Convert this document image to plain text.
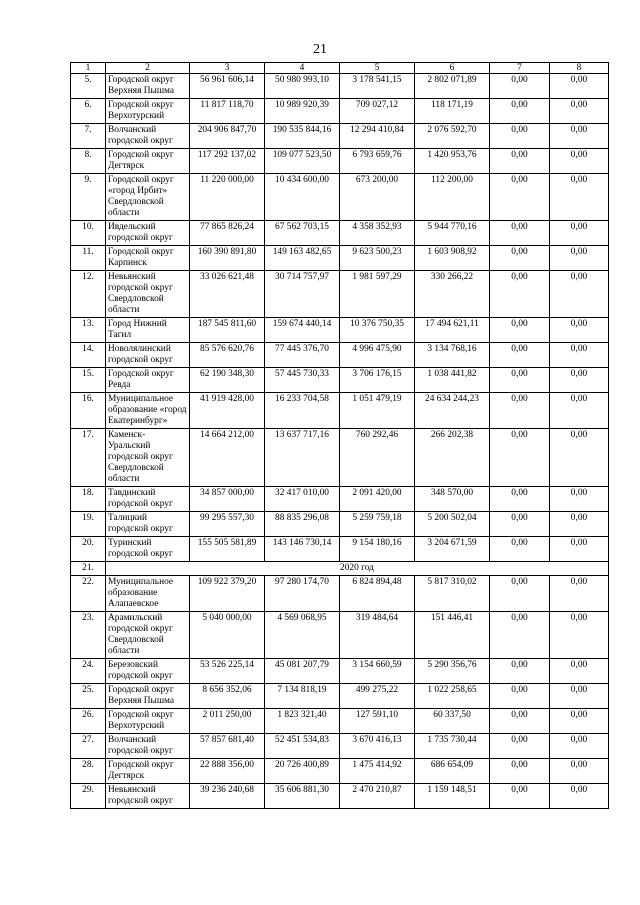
21
1	2	3	4	5	6	7	8
5.	Городской округ Верхняя Пышма	56 961 606,14	50 980 993,10	3 178 541,15	2 802 071,89	0,00	0,00
6.	Городской округ Верхотурский	11 817 118,70	10 989 920,39	709 027,12	118 171,19	0,00	0,00
7.	Волчанский городской округ	204 906 847,70	190 535 844,16	12 294 410,84	2 076 592,70	0,00	0,00
8.	Городской округ Дегтярск	117 292 137,02	109 077 523,50	6 793 659,76	1 420 953,76	0,00	0,00
9.	Городской округ «город Ирбит» Свердловской области	11 220 000,00	10 434 600,00	673 200,00	112 200,00	0,00	0,00
10.	Ивдельский городской округ	77 865 826,24	67 562 703,15	4 358 352,93	5 944 770,16	0,00	0,00
11.	Городской округ Карпинск	160 390 891,80	149 163 482,65	9 623 500,23	1 603 908,92	0,00	0,00
12.	Невьянский городской округ Свердловской области	33 026 621,48	30 714 757,97	1 981 597,29	330 266,22	0,00	0,00
13.	Город Нижний Тагил	187 545 811,60	159 674 440,14	10 376 750,35	17 494 621,11	0,00	0,00
14.	Новолялинский городской округ	85 576 620,76	77 445 376,70	4 996 475,90	3 134 768,16	0,00	0,00
15.	Городской округ Ревда	62 190 348,30	57 445 730,33	3 706 176,15	1 038 441,82	0,00	0,00
16.	Муниципальное образование «город Екатеринбург»	41 919 428,00	16 233 704,58	1 051 479,19	24 634 244,23	0,00	0,00
17.	Каменск-Уральский городской округ Свердловской области	14 664 212,00	13 637 717,16	760 292,46	266 202,38	0,00	0,00
18.	Тавдинский городской округ	34 857 000,00	32 417 010,00	2 091 420,00	348 570,00	0,00	0,00
19.	Талицкий городской округ	99 295 557,30	88 835 296,08	5 259 759,18	5 200 502,04	0,00	0,00
20.	Туринский городской округ	155 505 581,89	143 146 730,14	9 154 180,16	3 204 671,59	0,00	0,00
21.	2020 год						
22.	Муниципальное образование Алапаевское	109 922 379,20	97 280 174,70	6 824 894,48	5 817 310,02	0,00	0,00
23.	Арамильский городской округ Свердловской области	5 040 000,00	4 569 068,95	319 484,64	151 446,41	0,00	0,00
24.	Березовский городской округ	53 526 225,14	45 081 207,79	3 154 660,59	5 290 356,76	0,00	0,00
25.	Городской округ Верхняя Пышма	8 656 352,06	7 134 818,19	499 275,22	1 022 258,65	0,00	0,00
26.	Городской округ Верхотурский	2 011 250,00	1 823 321,40	127 591,10	60 337,50	0,00	0,00
27.	Волчанский городской округ	57 857 681,40	52 451 534,83	3 670 416,13	1 735 730,44	0,00	0,00
28.	Городской округ Дегтярск	22 888 356,00	20 726 400,89	1 475 414,92	686 654,09	0,00	0,00
29.	Невьянский городской округ	39 236 240,68	35 606 881,30	2 470 210,87	1 159 148,51	0,00	0,00
